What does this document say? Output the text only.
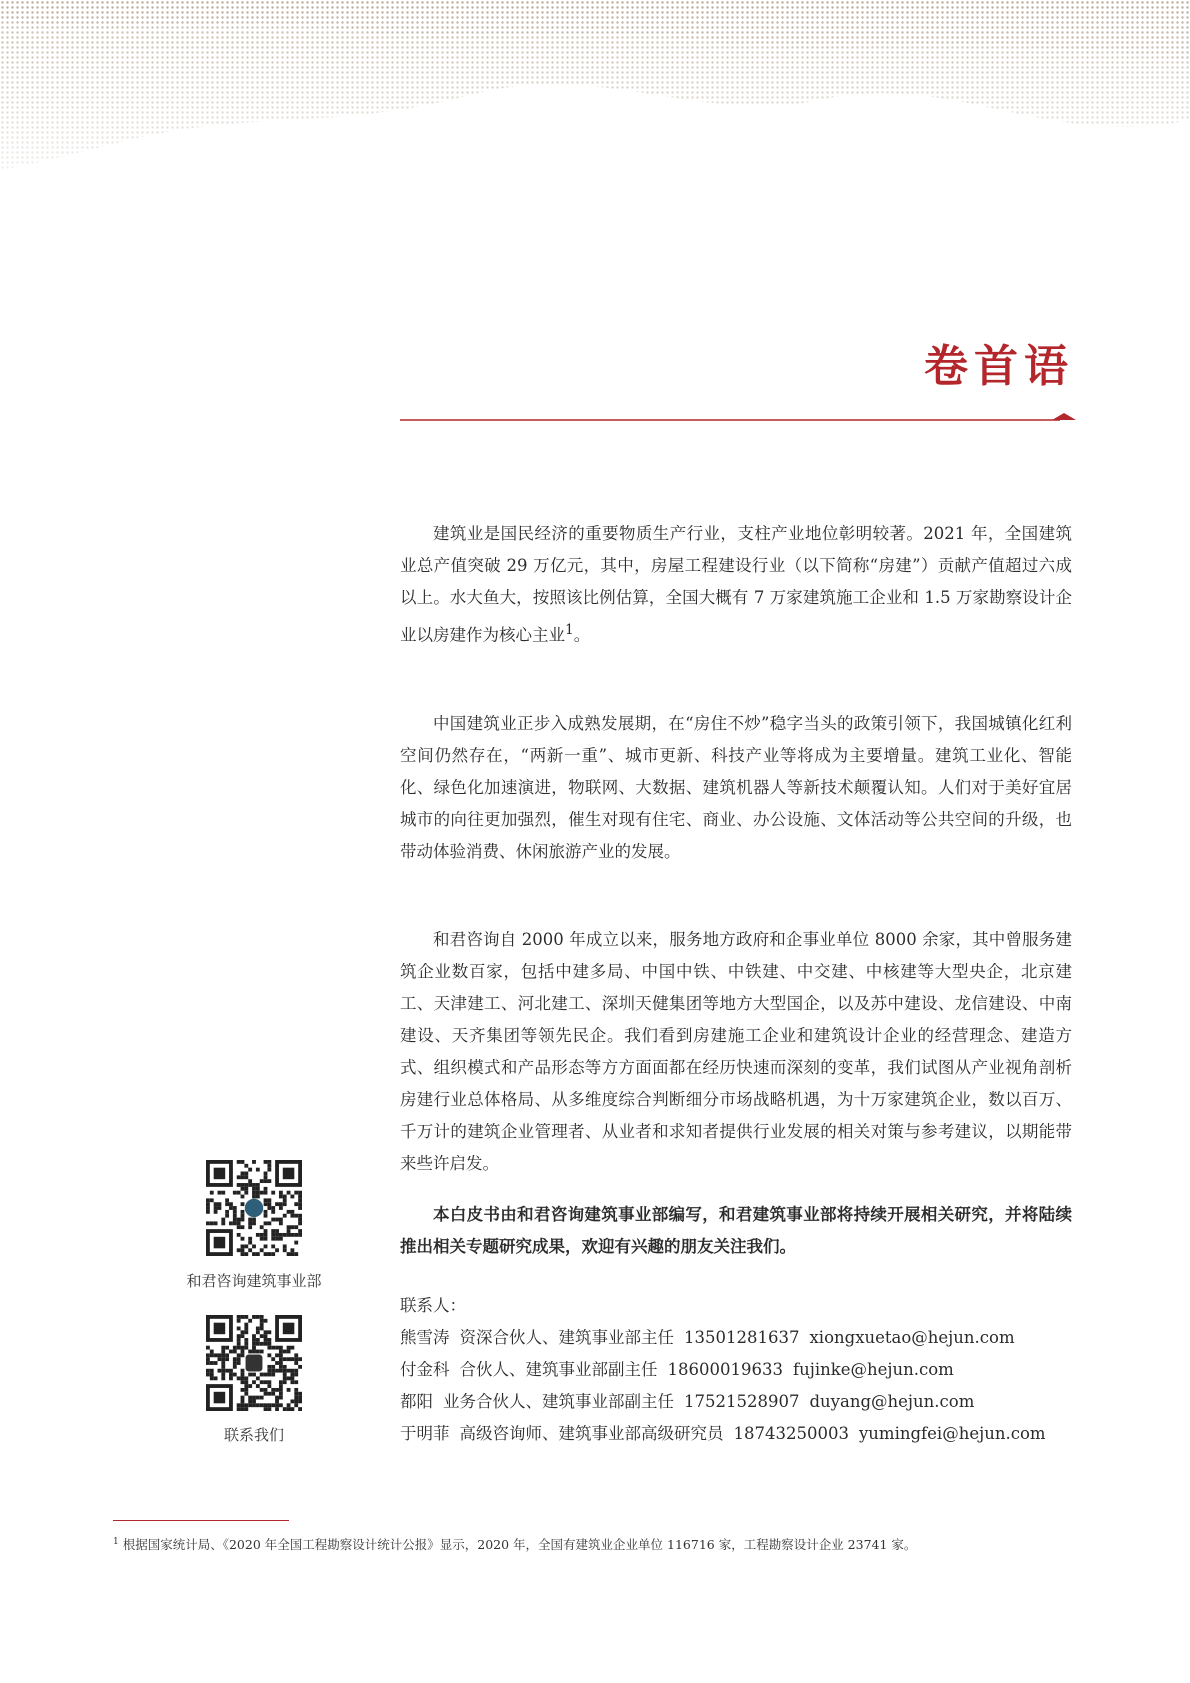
卷首语

建筑业是国民经济的重要物质生产行业，支柱产业地位彰明较著。2021 年，全国建筑业总产值突破 29 万亿元，其中，房屋工程建设行业（以下简称“房建”）贡献产值超过六成以上。水大鱼大，按照该比例估算，全国大概有 7 万家建筑施工企业和 1.5 万家勘察设计企业以房建作为核心主业$^1$。

中国建筑业正步入成熟发展期，在“房住不炒”稳字当头的政策引领下，我国城镇化红利空间仍然存在，“两新一重”、城市更新、科技产业等将成为主要增量。建筑工业化、智能化、绿色化加速演进，物联网、大数据、建筑机器人等新技术颠覆认知。人们对于美好宜居城市的向往更加强烈，催生对现有住宅、商业、办公设施、文体活动等公共空间的升级，也带动体验消费、休闲旅游产业的发展。

和君咨询自 2000 年成立以来，服务地方政府和企事业单位 8000 余家，其中曾服务建筑企业数百家，包括中建多局、中国中铁、中铁建、中交建、中核建等大型央企，北京建工、天津建工、河北建工、深圳天健集团等地方大型国企，以及苏中建设、龙信建设、中南建设、天齐集团等领先民企。我们看到房建施工企业和建筑设计企业的经营理念、建造方式、组织模式和产品形态等方方面面都在经历快速而深刻的变革，我们试图从产业视角剖析房建行业总体格局、从多维度综合判断细分市场战略机遇，为十万家建筑企业，数以百万、千万计的建筑企业管理者、从业者和求知者提供行业发展的相关对策与参考建议，以期能带来些许启发。

本白皮书由和君咨询建筑事业部编写，和君建筑事业部将持续开展相关研究，并将陆续推出相关专题研究成果，欢迎有兴趣的朋友关注我们。
联系人：
熊雪涛 资深合伙人、建筑事业部主任 13501281637 xiongxuetao@hejun.com
付金科 合伙人、建筑事业部副主任 18600019633 fujinke@hejun.com
都阳 业务合伙人、建筑事业部副主任 17521528907 duyang@hejun.com
于明菲 高级咨询师、建筑事业部高级研究员 18743250003 yumingfei@hejun.com
和君咨询建筑事业部
联系我们
$^1$ 根据国家统计局、《2020 年全国工程勘察设计统计公报》显示，2020 年，全国有建筑业企业单位 116716 家，工程勘察设计企业 23741 家。
